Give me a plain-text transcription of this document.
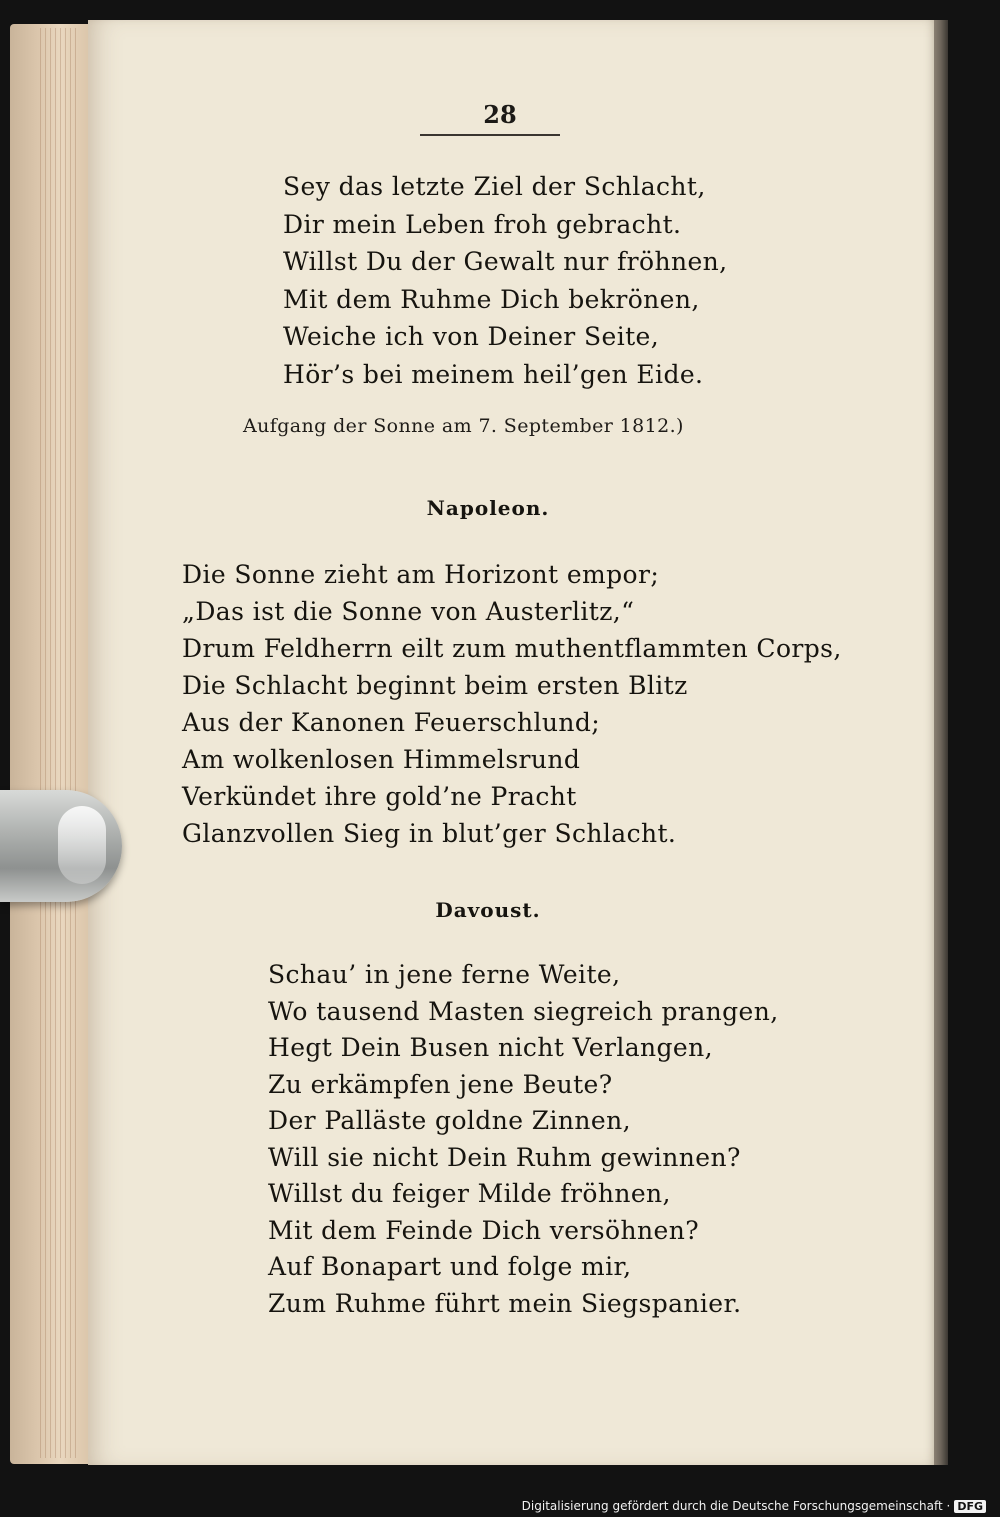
28
Sey das letzte Ziel der Schlacht,
Dir mein Leben froh gebracht.
Willst Du der Gewalt nur fröhnen,
Mit dem Ruhme Dich bekrönen,
Weiche ich von Deiner Seite,
Hör’s bei meinem heil’gen Eide.
Aufgang der Sonne am 7. September 1812.)
Napoleon.
Die Sonne zieht am Horizont empor;
„Das ist die Sonne von Austerlitz,“
Drum Feldherrn eilt zum muthentflammten Corps,
Die Schlacht beginnt beim ersten Blitz
Aus der Kanonen Feuerschlund;
Am wolkenlosen Himmelsrund
Verkündet ihre gold’ne Pracht
Glanzvollen Sieg in blut’ger Schlacht.
Davoust.
Schau’ in jene ferne Weite,
Wo tausend Masten siegreich prangen,
Hegt Dein Busen nicht Verlangen,
Zu erkämpfen jene Beute?
Der Palläste goldne Zinnen,
Will sie nicht Dein Ruhm gewinnen?
Willst du feiger Milde fröhnen,
Mit dem Feinde Dich versöhnen?
Auf Bonapart und folge mir,
Zum Ruhme führt mein Siegspanier.
Digitalisierung gefördert durch die Deutsche Forschungsgemeinschaft · DFG
